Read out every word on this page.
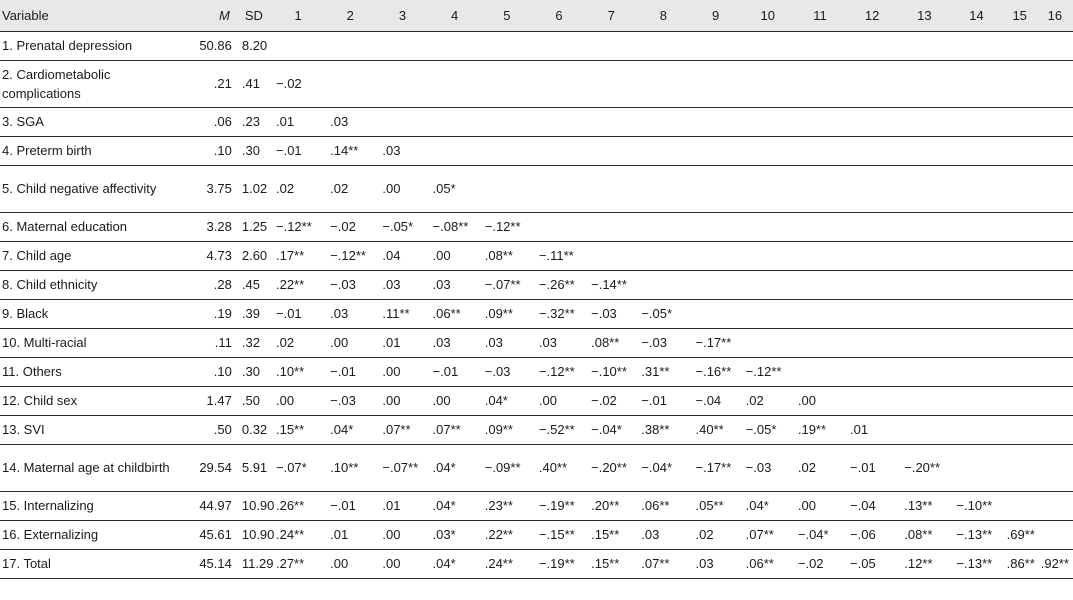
Variable	M	SD	1	2	3	4	5	6	7	8	9	10	11	12	13	14	15	16
1. Prenatal depression	50.86	8.20																
2. Cardiometabolic complications	.21	.41	−.02															
3. SGA	.06	.23	.01	.03														
4. Preterm birth	.10	.30	−.01	.14**	.03													
5. Child negative affectivity	3.75	1.02	.02	.02	.00	.05*												
6. Maternal education	3.28	1.25	−.12**	−.02	−.05*	−.08**	−.12**											
7. Child age	4.73	2.60	.17**	−.12**	.04	.00	.08**	−.11**										
8. Child ethnicity	.28	.45	.22**	−.03	.03	.03	−.07**	−.26**	−.14**									
9. Black	.19	.39	−.01	.03	.11**	.06**	.09**	−.32**	−.03	−.05*								
10. Multi-racial	.11	.32	.02	.00	.01	.03	.03	.03	.08**	−.03	−.17**							
11. Others	.10	.30	.10**	−.01	.00	−.01	−.03	−.12**	−.10**	.31**	−.16**	−.12**						
12. Child sex	1.47	.50	.00	−.03	.00	.00	.04*	.00	−.02	−.01	−.04	.02	.00					
13. SVI	.50	0.32	.15**	.04*	.07**	.07**	.09**	−.52**	−.04*	.38**	.40**	−.05*	.19**	.01				
14. Maternal age at childbirth	29.54	5.91	−.07*	.10**	−.07**	.04*	−.09**	.40**	−.20**	−.04*	−.17**	−.03	.02	−.01	−.20**			
15. Internalizing	44.97	10.90	.26**	−.01	.01	.04*	.23**	−.19**	.20**	.06**	.05**	.04*	.00	−.04	.13**	−.10**		
16. Externalizing	45.61	10.90	.24**	.01	.00	.03*	.22**	−.15**	.15**	.03	.02	.07**	−.04*	−.06	.08**	−.13**	.69**	
17. Total	45.14	11.29	.27**	.00	.00	.04*	.24**	−.19**	.15**	.07**	.03	.06**	−.02	−.05	.12**	−.13**	.86**	.92**
